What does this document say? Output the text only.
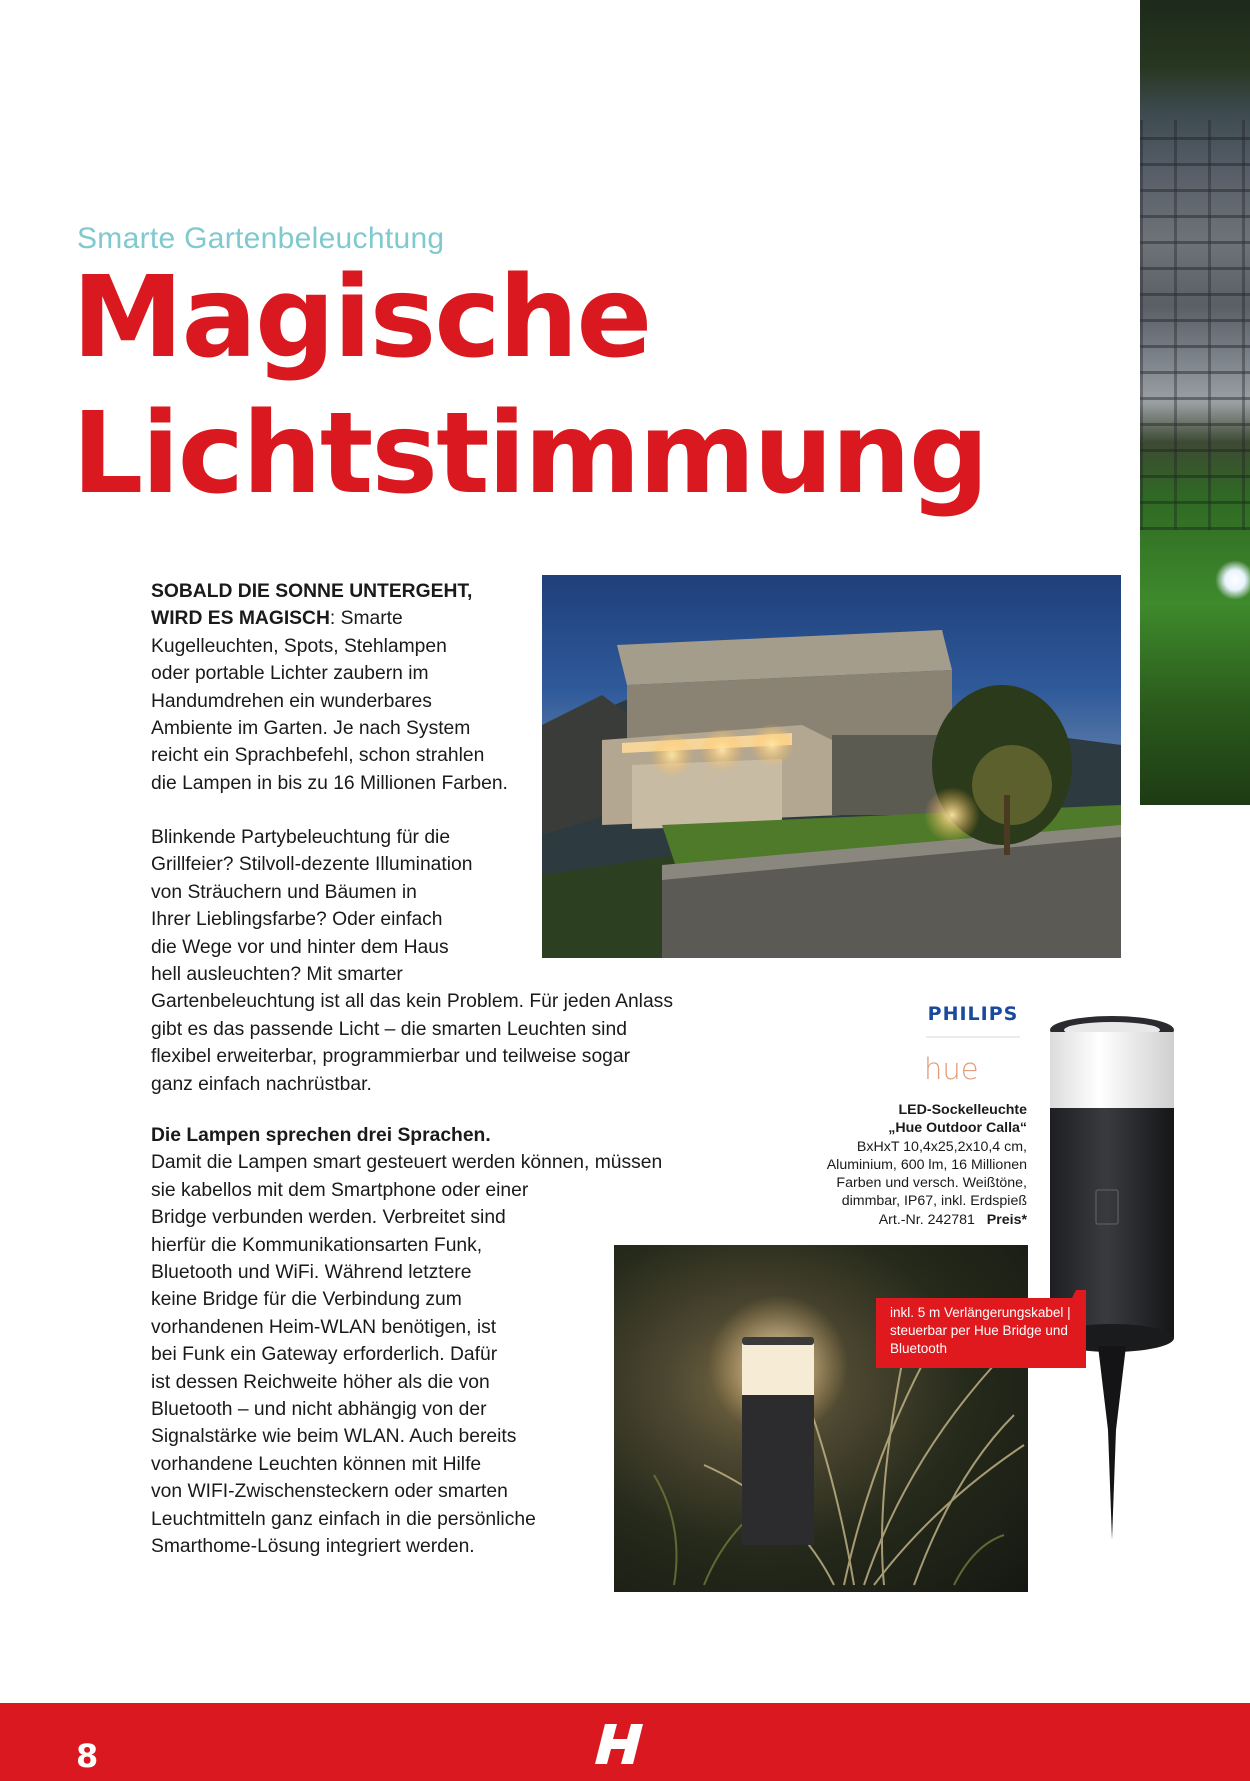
Smarte Gartenbeleuchtung
Magische
Lichtstimmung
SOBALD DIE SONNE UNTERGEHT,
WIRD ES MAGISCH: Smarte
Kugelleuchten, Spots, Stehlampen
oder portable Lichter zaubern im
Handumdrehen ein wunderbares
Ambiente im Garten. Je nach System
reicht ein Sprachbefehl, schon strahlen
die Lampen in bis zu 16 Millionen Farben.
Blinkende Partybeleuchtung für die
Grillfeier? Stilvoll-dezente Illumination
von Sträuchern und Bäumen in
Ihrer Lieblingsfarbe? Oder einfach
die Wege vor und hinter dem Haus
hell ausleuchten? Mit smarter
Gartenbeleuchtung ist all das kein Problem. Für jeden Anlass
gibt es das passende Licht – die smarten Leuchten sind
flexibel erweiterbar, programmierbar und teilweise sogar
ganz einfach nachrüstbar.
Die Lampen sprechen drei Sprachen.
Damit die Lampen smart gesteuert werden können, müssen
sie kabellos mit dem Smartphone oder einer
Bridge verbunden werden. Verbreitet sind
hierfür die Kommunikationsarten Funk,
Bluetooth und WiFi. Während letztere
keine Bridge für die Verbindung zum
vorhandenen Heim-WLAN benötigen, ist
bei Funk ein Gateway erforderlich. Dafür
ist dessen Reichweite höher als die von
Bluetooth – und nicht abhängig von der
Signalstärke wie beim WLAN. Auch bereits
vorhandene Leuchten können mit Hilfe
von WIFI-Zwischensteckern oder smarten
Leuchtmitteln ganz einfach in die persönliche
Smarthome-Lösung integriert werden.
PHILIPS
hue
LED-Sockelleuchte
„Hue Outdoor Calla“
BxHxT 10,4x25,2x10,4 cm,
Aluminium, 600 lm, 16 Millionen
Farben und versch. Weißtöne,
dimmbar, IP67, inkl. Erdspieß
Art.-Nr. 242781 Preis*
inkl. 5 m Verlängerungskabel |
steuerbar per Hue Bridge und
Bluetooth
8
